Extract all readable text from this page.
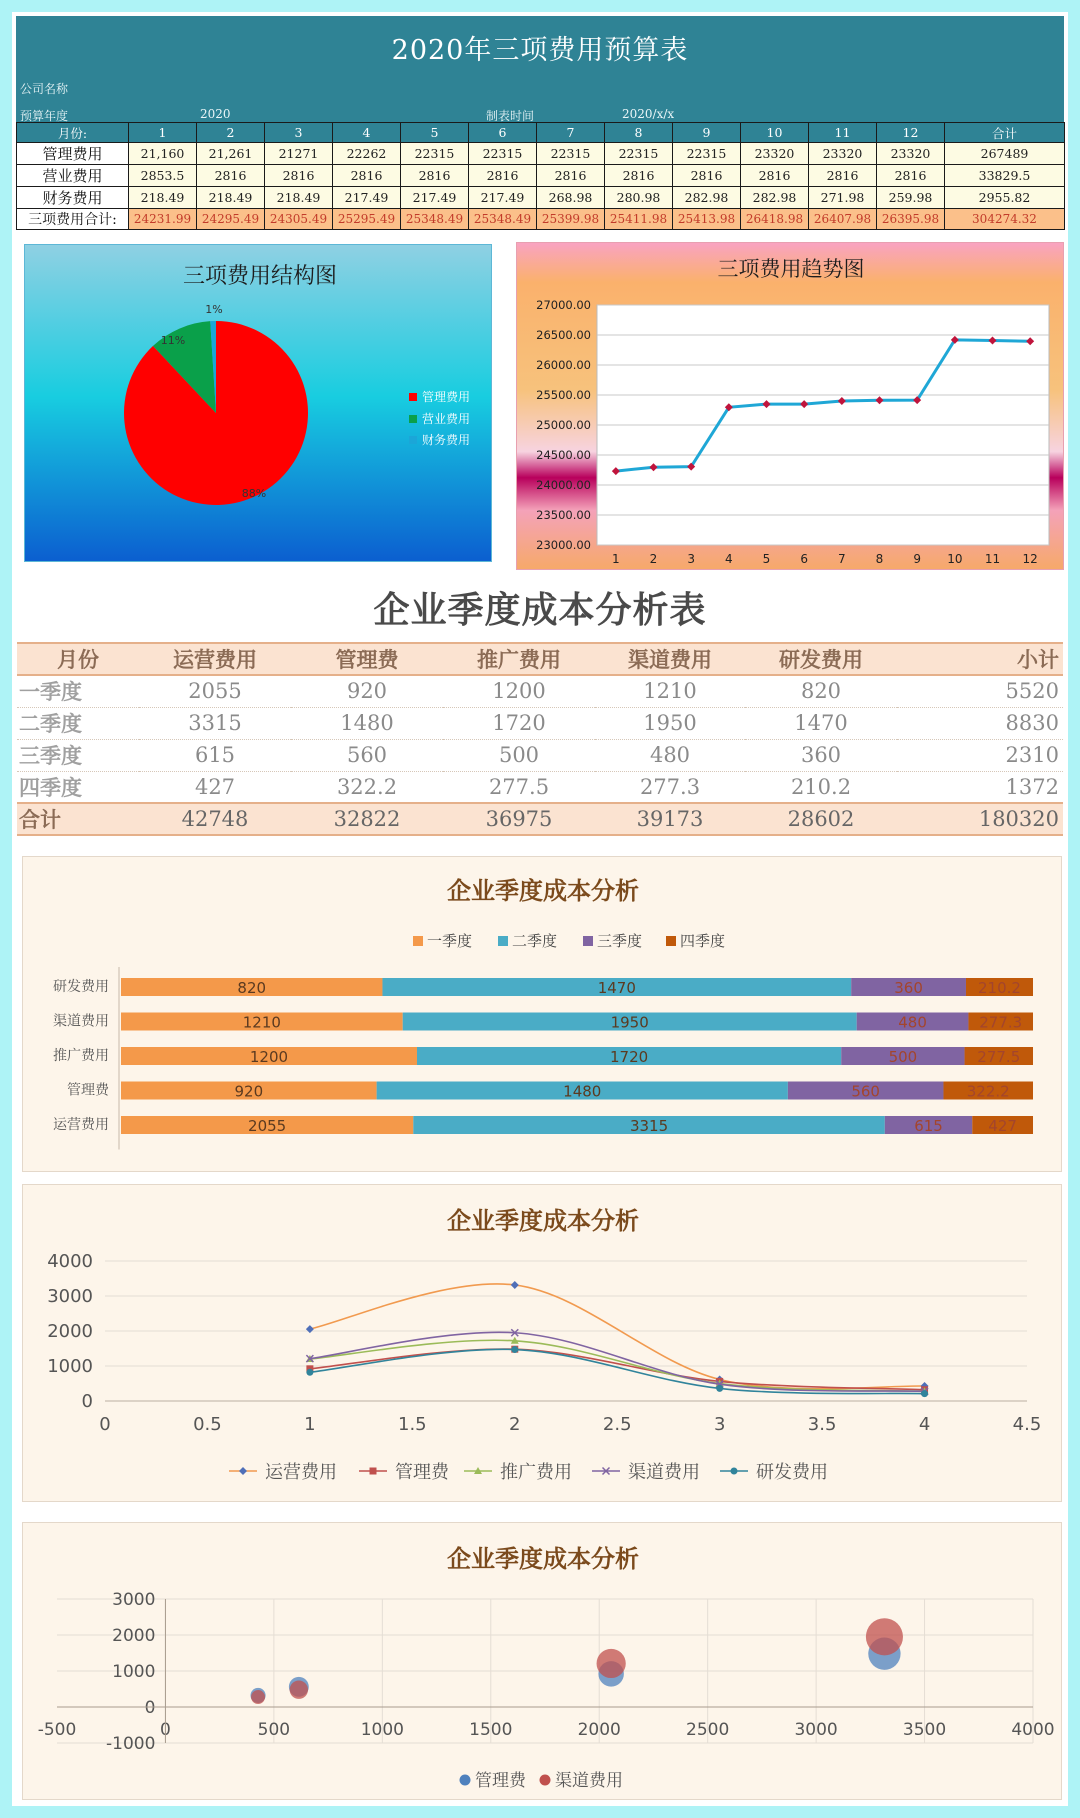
2020年三项费用预算表
公司名称
预算年度	2020	制表时间	2020/x/x
月份:	1	2	3	4	5	6	7	8	9	10	11	12	合计
管理费用	21,160	21,261	21271	22262	22315	22315	22315	22315	22315	23320	23320	23320	267489
营业费用	2853.5	2816	2816	2816	2816	2816	2816	2816	2816	2816	2816	2816	33829.5
财务费用	218.49	218.49	218.49	217.49	217.49	217.49	268.98	280.98	282.98	282.98	271.98	259.98	2955.82
三项费用合计:	24231.99	24295.49	24305.49	25295.49	25348.49	25348.49	25399.98	25411.98	25413.98	26418.98	26407.98	26395.98	304274.32
三项费用结构图
88%
11%
1%
管理费用
营业费用
财务费用
三项费用趋势图
23000.00
23500.00
24000.00
24500.00
25000.00
25500.00
26000.00
26500.00
27000.00
1	2	3	4	5	6	7	8	9 10 11 12
企业季度成本分析表
月份	运营费用	管理费	推广费用	渠道费用	研发费用	小计
一季度	2055	920	1200	1210	820	5520
二季度	3315	1480	1720	1950	1470	8830
三季度	615	560	500	480	360	2310
四季度	427	322.2	277.5	277.3	210.2	1372
合计	42748	32822	36975	39173	28602	180320
企业季度成本分析
一季度	二季度	三季度	四季度
研发费用	820	1470	360	210.2
渠道费用	1210	1950	480	277.3
推广费用	1200	1720	500	277.5
管理费	920	1480	560	322.2
运营费用	2055	3315	615	427
企业季度成本分析
0
1000
2000
3000
4000
0	0.5	1	1.5	2	2.5	3	3.5	4	4.5
运营费用	管理费	推广费用	渠道费用	研发费用
企业季度成本分析
-1000
0
1000
2000
3000
-500	0	500	1000	1500	2000	2500	3000	3500	4000
管理费 渠道费用
